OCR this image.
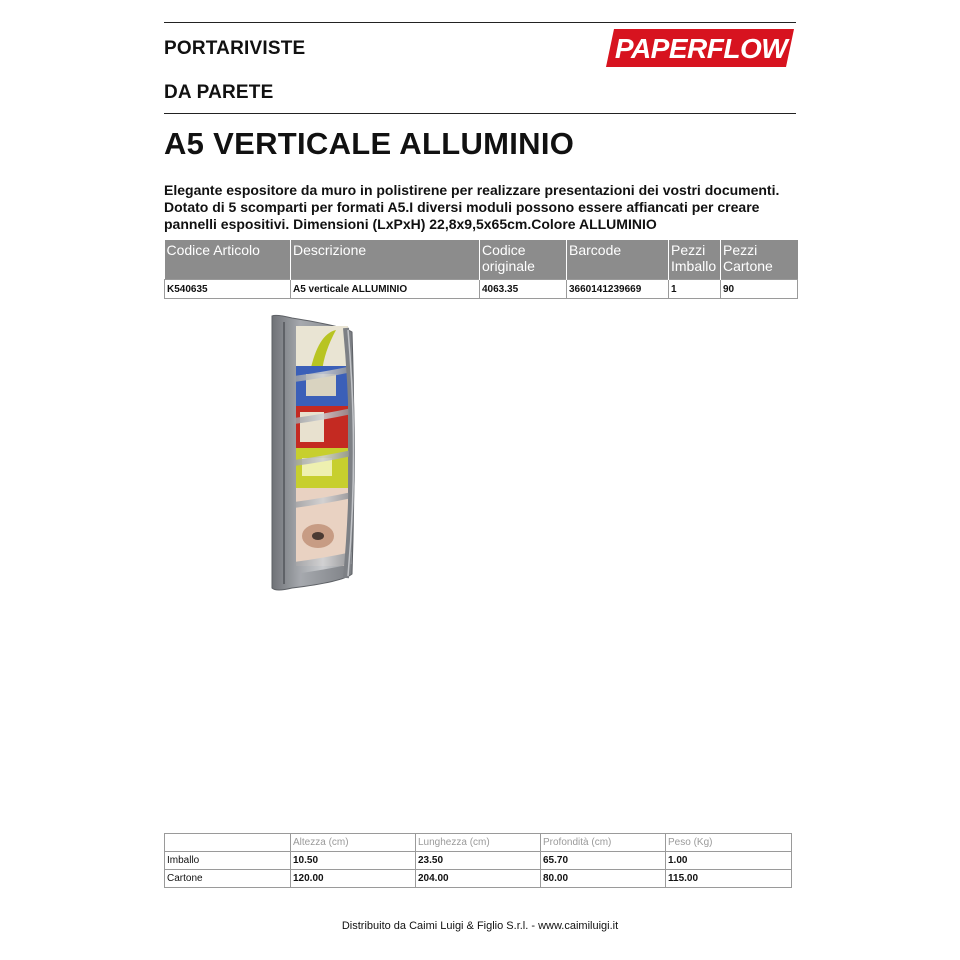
PORTARIVISTE	PAPERFLOW
DA PARETE
A5 VERTICALE ALLUMINIO
Elegante espositore da muro in polistirene per realizzare presentazioni dei vostri documenti. Dotato di 5 scomparti per formati A5.I diversi moduli possono essere affiancati per creare pannelli espositivi. Dimensioni (LxPxH) 22,8x9,5x65cm.Colore ALLUMINIO
Codice Articolo	Descrizione	Codice originale	Barcode	Pezzi Imballo	Pezzi Cartone
K540635	A5 verticale ALLUMINIO	4063.35	3660141239669	1	90
	Altezza (cm)	Lunghezza (cm)	Profondità (cm)	Peso (Kg)
Imballo	10.50	23.50	65.70	1.00
Cartone	120.00	204.00	80.00	115.00
Distribuito da Caimi Luigi & Figlio S.r.l. - www.caimiluigi.it
